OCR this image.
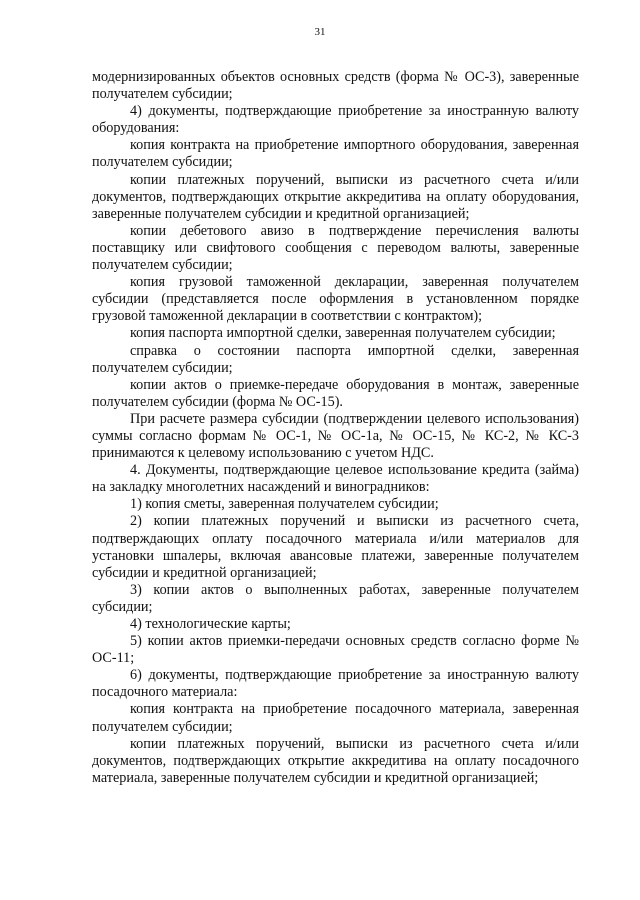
31

модернизированных объектов основных средств (форма № ОС-3), заверенные получателем субсидии;

4) документы, подтверждающие приобретение за иностранную валюту оборудования:

копия контракта на приобретение импортного оборудования, заверенная получателем субсидии;

копии платежных поручений, выписки из расчетного счета и/или документов, подтверждающих открытие аккредитива на оплату оборудования, заверенные получателем субсидии и кредитной организацией;

копии дебетового авизо в подтверждение перечисления валюты поставщику или свифтового сообщения с переводом валюты, заверенные получателем субсидии;

копия грузовой таможенной декларации, заверенная получателем субсидии (представляется после оформления в установленном порядке грузовой таможенной декларации в соответствии с контрактом);

копия паспорта импортной сделки, заверенная получателем субсидии;

справка о состоянии паспорта импортной сделки, заверенная получателем субсидии;

копии актов о приемке-передаче оборудования в монтаж, заверенные получателем субсидии (форма № ОС-15).

При расчете размера субсидии (подтверждении целевого использования) суммы согласно формам № ОС-1, № ОС-1а, № ОС-15, № КС-2, № КС-3 принимаются к целевому использованию с учетом НДС.

4. Документы, подтверждающие целевое использование кредита (займа) на закладку многолетних насаждений и виноградников:

1) копия сметы, заверенная получателем субсидии;

2) копии платежных поручений и выписки из расчетного счета, подтверждающих оплату посадочного материала и/или материалов для установки шпалеры, включая авансовые платежи, заверенные получателем субсидии и кредитной организацией;

3) копии актов о выполненных работах, заверенные получателем субсидии;

4) технологические карты;

5) копии актов приемки-передачи основных средств согласно форме № ОС-11;

6) документы, подтверждающие приобретение за иностранную валюту посадочного материала:

копия контракта на приобретение посадочного материала, заверенная получателем субсидии;

копии платежных поручений, выписки из расчетного счета и/или документов, подтверждающих открытие аккредитива на оплату посадочного материала, заверенные получателем субсидии и кредитной организацией;
